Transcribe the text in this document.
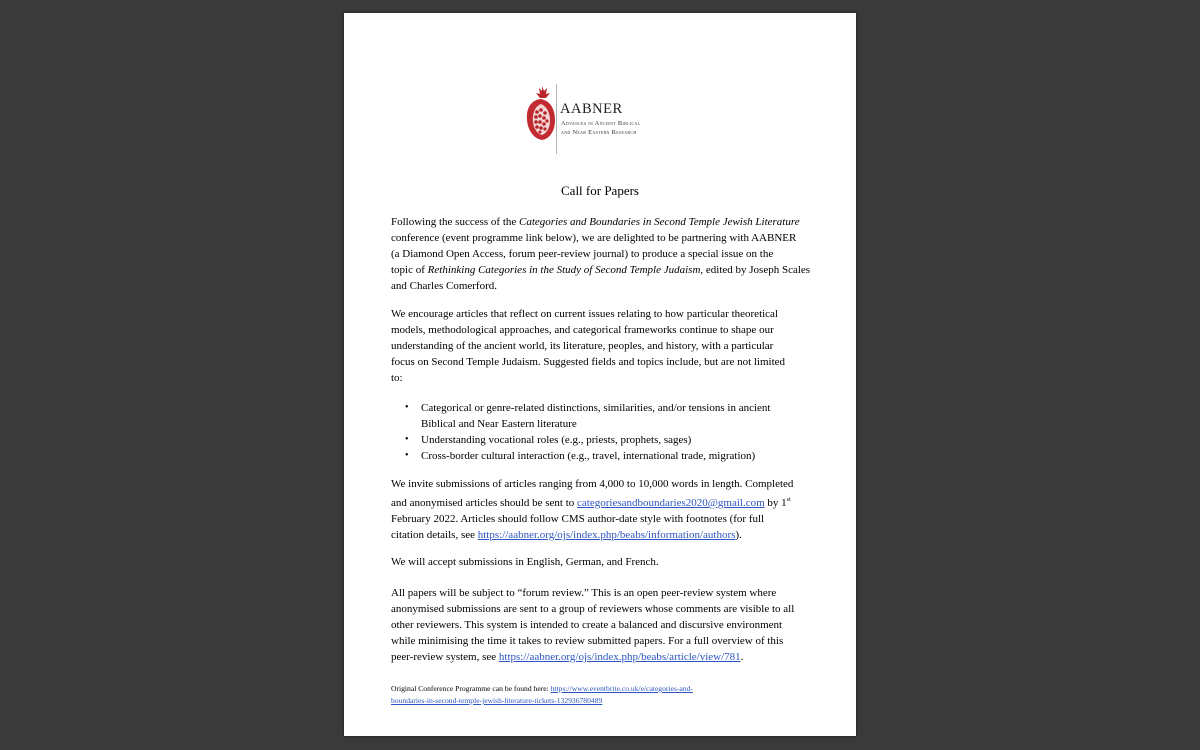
AABNER
Advances in Ancient Biblical
and Near Eastern Research
Call for Papers
Following the success of the Categories and Boundaries in Second Temple Jewish Literature
conference (event programme link below), we are delighted to be partnering with AABNER
(a Diamond Open Access, forum peer-review journal) to produce a special issue on the
topic of Rethinking Categories in the Study of Second Temple Judaism, edited by Joseph Scales
and Charles Comerford.
We encourage articles that reflect on current issues relating to how particular theoretical
models, methodological approaches, and categorical frameworks continue to shape our
understanding of the ancient world, its literature, peoples, and history, with a particular
focus on Second Temple Judaism. Suggested fields and topics include, but are not limited
to:
• Categorical or genre-related distinctions, similarities, and/or tensions in ancient
Biblical and Near Eastern literature
• Understanding vocational roles (e.g., priests, prophets, sages)
• Cross-border cultural interaction (e.g., travel, international trade, migration)
We invite submissions of articles ranging from 4,000 to 10,000 words in length. Completed
and anonymised articles should be sent to categoriesandboundaries2020@gmail.com by 1st
February 2022. Articles should follow CMS author-date style with footnotes (for full
citation details, see https://aabner.org/ojs/index.php/beabs/information/authors).
We will accept submissions in English, German, and French.
All papers will be subject to “forum review.” This is an open peer-review system where
anonymised submissions are sent to a group of reviewers whose comments are visible to all
other reviewers. This system is intended to create a balanced and discursive environment
while minimising the time it takes to review submitted papers. For a full overview of this
peer-review system, see https://aabner.org/ojs/index.php/beabs/article/view/781.
Original Conference Programme can be found here: https://www.eventbrite.co.uk/e/categories-and-
boundaries-in-second-temple-jewish-literature-tickets-132936780489
